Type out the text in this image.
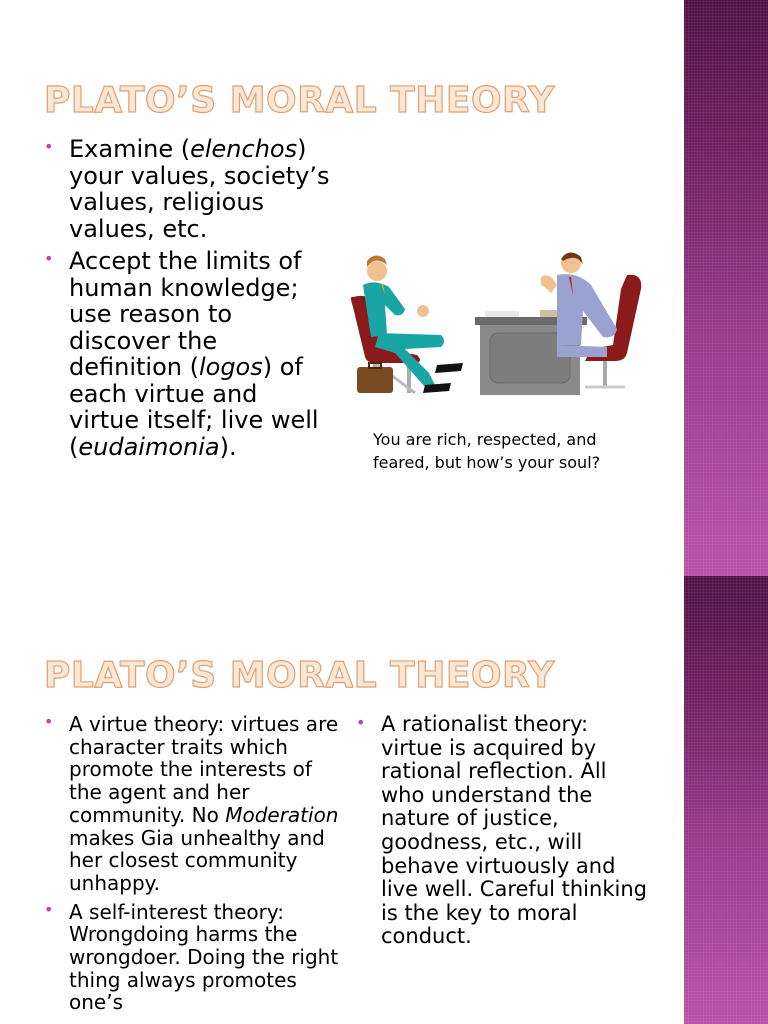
PLATO’S MORAL THEORY
• Examine (elenchos) your values, society’s values, religious values, etc.
• Accept the limits of human knowledge; use reason to discover the definition (logos) of each virtue and virtue itself; live well (eudaimonia).	You are rich, respected, and feared, but how’s your soul?
PLATO’S MORAL THEORY
• A virtue theory: virtues are character traits which promote the interests of the agent and her community. No Moderation makes Gia unhealthy and her closest community unhappy.
• A self-interest theory: Wrongdoing harms the wrongdoer. Doing the right thing always promotes one’s
• A rationalist theory: virtue is acquired by rational reflection. All who understand the nature of justice, goodness, etc., will behave virtuously and live well. Careful thinking is the key to moral conduct.
